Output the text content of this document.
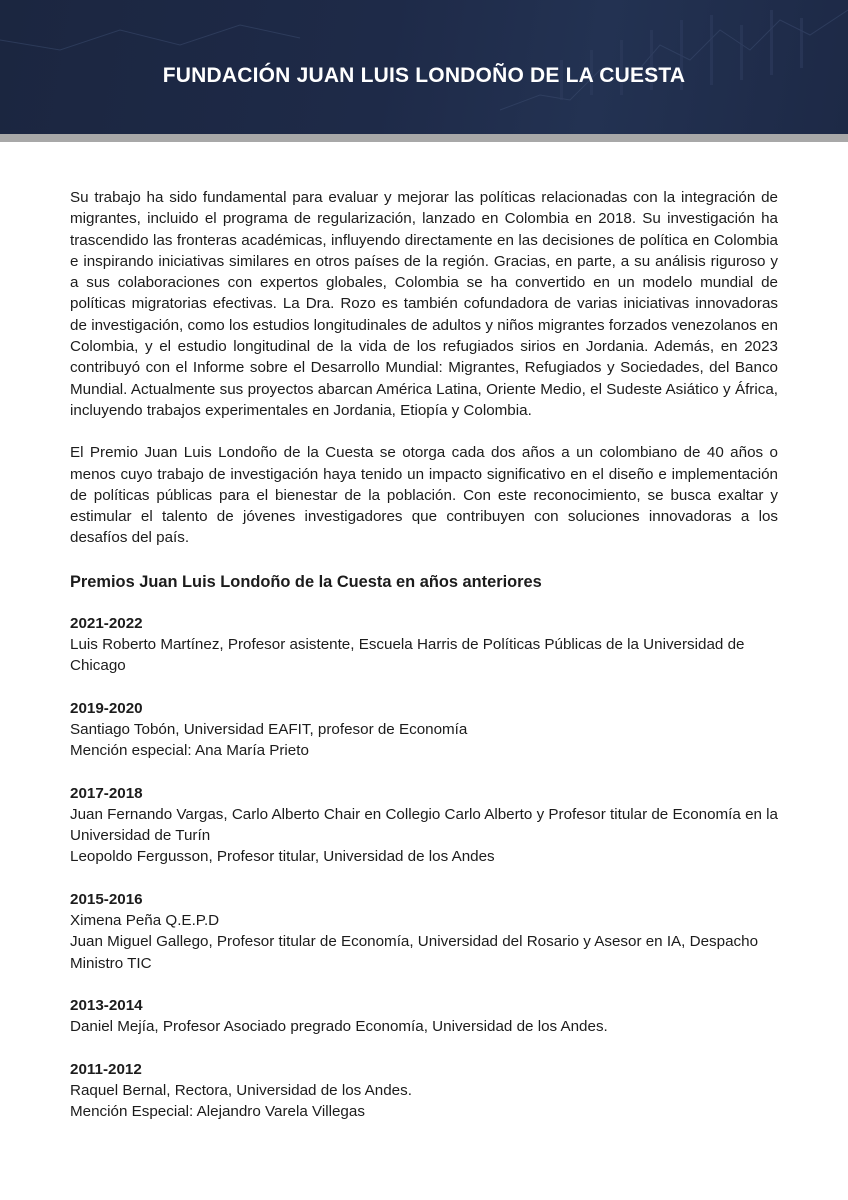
FUNDACIÓN JUAN LUIS LONDOÑO DE LA CUESTA

Su trabajo ha sido fundamental para evaluar y mejorar las políticas relacionadas con la integración de migrantes, incluido el programa de regularización, lanzado en Colombia en 2018. Su investigación ha trascendido las fronteras académicas, influyendo directamente en las decisiones de política en Colombia e inspirando iniciativas similares en otros países de la región. Gracias, en parte, a su análisis riguroso y a sus colaboraciones con expertos globales, Colombia se ha convertido en un modelo mundial de políticas migratorias efectivas. La Dra. Rozo es también cofundadora de varias iniciativas innovadoras de investigación, como los estudios longitudinales de adultos y niños migrantes forzados venezolanos en Colombia, y el estudio longitudinal de la vida de los refugiados sirios en Jordania. Además, en 2023 contribuyó con el Informe sobre el Desarrollo Mundial: Migrantes, Refugiados y Sociedades, del Banco Mundial. Actualmente sus proyectos abarcan América Latina, Oriente Medio, el Sudeste Asiático y África, incluyendo trabajos experimentales en Jordania, Etiopía y Colombia.

El Premio Juan Luis Londoño de la Cuesta se otorga cada dos años a un colombiano de 40 años o menos cuyo trabajo de investigación haya tenido un impacto significativo en el diseño e implementación de políticas públicas para el bienestar de la población. Con este reconocimiento, se busca exaltar y estimular el talento de jóvenes investigadores que contribuyen con soluciones innovadoras a los desafíos del país.

Premios Juan Luis Londoño de la Cuesta en años anteriores

2021-2022

Luis Roberto Martínez, Profesor asistente, Escuela Harris de Políticas Públicas de la Universidad de Chicago

2019-2020

Santiago Tobón, Universidad EAFIT, profesor de Economía

Mención especial: Ana María Prieto

2017-2018

Juan Fernando Vargas, Carlo Alberto Chair en Collegio Carlo Alberto y Profesor titular de Economía en la Universidad de Turín

Leopoldo Fergusson, Profesor titular, Universidad de los Andes

2015-2016

Ximena Peña Q.E.P.D

Juan Miguel Gallego, Profesor titular de Economía, Universidad del Rosario y Asesor en IA, Despacho Ministro TIC

2013-2014

Daniel Mejía, Profesor Asociado pregrado Economía, Universidad de los Andes.

2011-2012

Raquel Bernal, Rectora, Universidad de los Andes.

Mención Especial: Alejandro Varela Villegas
